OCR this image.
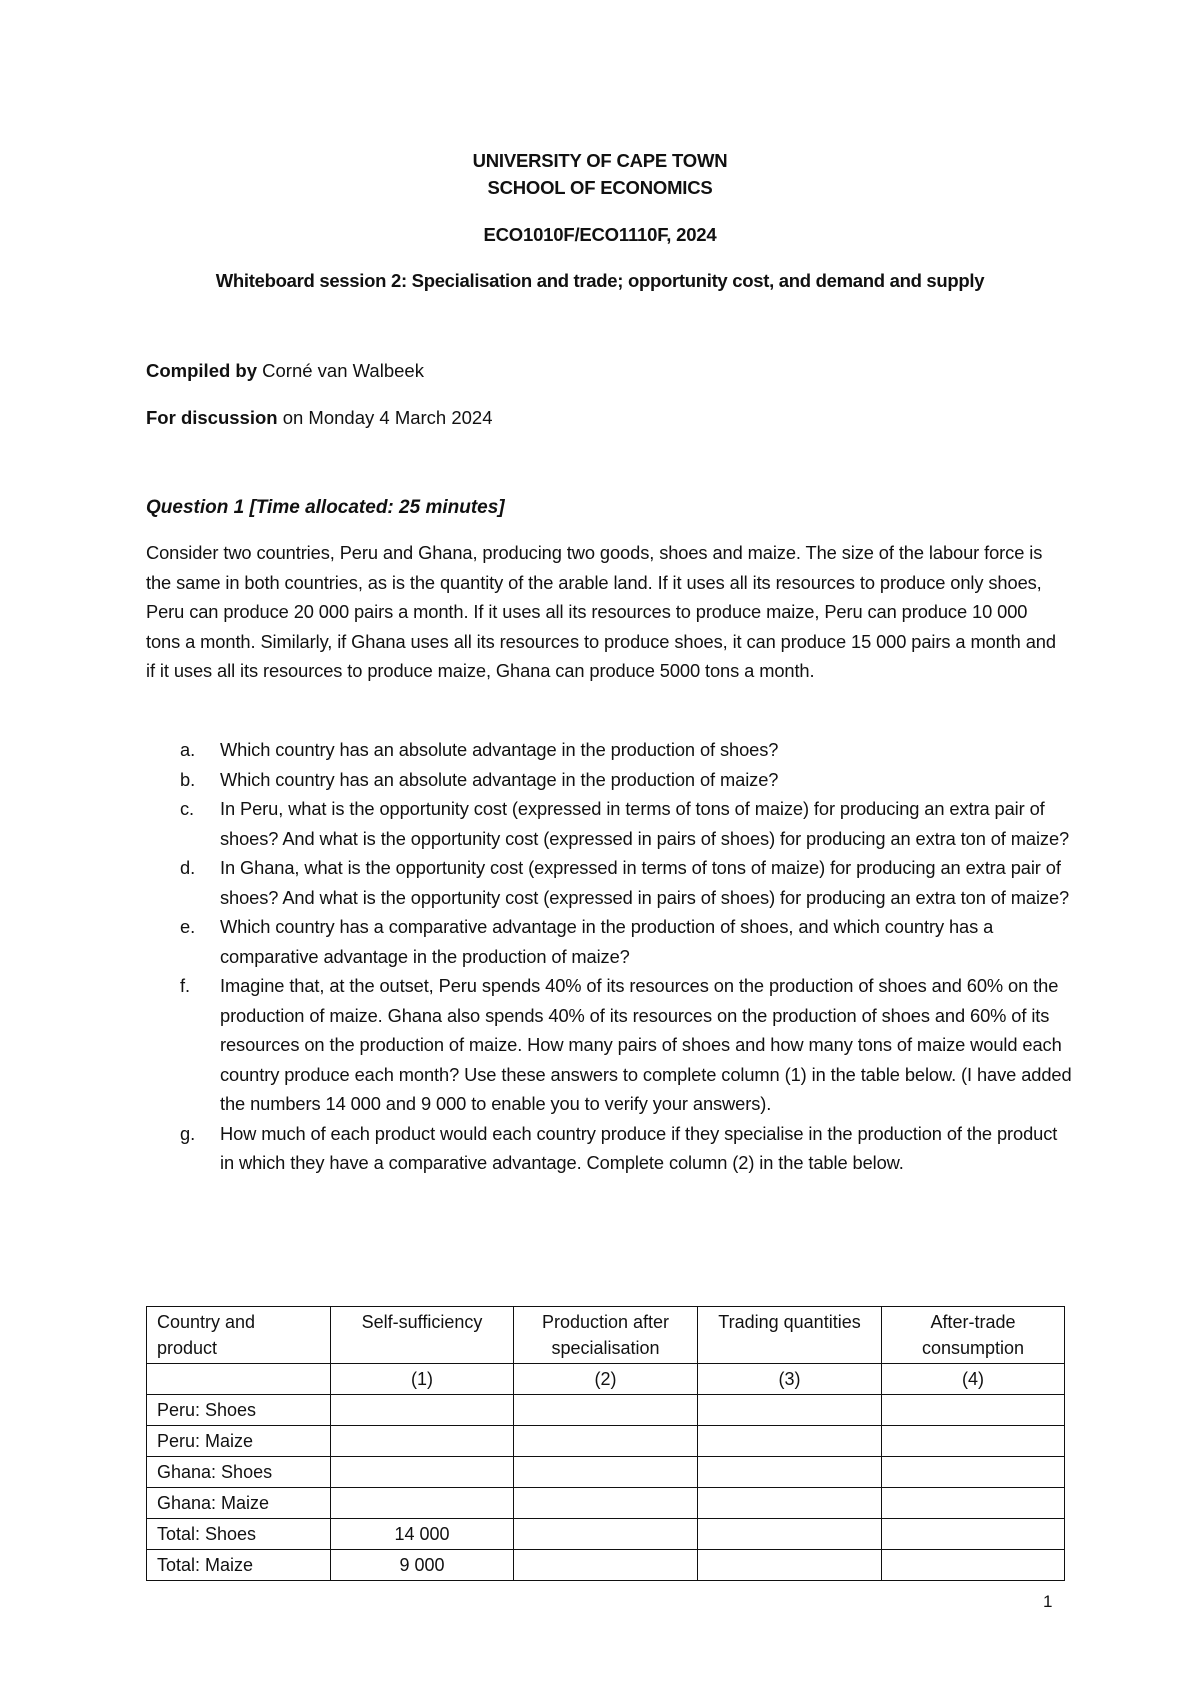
UNIVERSITY OF CAPE TOWN
SCHOOL OF ECONOMICS
ECO1010F/ECO1110F, 2024
Whiteboard session 2: Specialisation and trade; opportunity cost, and demand and supply
Compiled by Corné van Walbeek
For discussion on Monday 4 March 2024
Question 1 [Time allocated: 25 minutes]
Consider two countries, Peru and Ghana, producing two goods, shoes and maize. The size of the labour force is the same in both countries, as is the quantity of the arable land. If it uses all its resources to produce only shoes, Peru can produce 20 000 pairs a month. If it uses all its resources to produce maize, Peru can produce 10 000 tons a month. Similarly, if Ghana uses all its resources to produce shoes, it can produce 15 000 pairs a month and if it uses all its resources to produce maize, Ghana can produce 5000 tons a month.
a. Which country has an absolute advantage in the production of shoes?
b. Which country has an absolute advantage in the production of maize?
c. In Peru, what is the opportunity cost (expressed in terms of tons of maize) for producing an extra pair of shoes? And what is the opportunity cost (expressed in pairs of shoes) for producing an extra ton of maize?
d. In Ghana, what is the opportunity cost (expressed in terms of tons of maize) for producing an extra pair of shoes? And what is the opportunity cost (expressed in pairs of shoes) for producing an extra ton of maize?
e. Which country has a comparative advantage in the production of shoes, and which country has a comparative advantage in the production of maize?
f. Imagine that, at the outset, Peru spends 40% of its resources on the production of shoes and 60% on the production of maize. Ghana also spends 40% of its resources on the production of shoes and 60% of its resources on the production of maize. How many pairs of shoes and how many tons of maize would each country produce each month? Use these answers to complete column (1) in the table below. (I have added the numbers 14 000 and 9 000 to enable you to verify your answers).
g. How much of each product would each country produce if they specialise in the production of the product in which they have a comparative advantage. Complete column (2) in the table below.
Country and product	Self-sufficiency	Production after specialisation	Trading quantities	After-trade consumption
	(1)	(2)	(3)	(4)
Peru: Shoes				
Peru: Maize				
Ghana: Shoes				
Ghana: Maize				
Total: Shoes	14 000			
Total: Maize	9 000			
1
